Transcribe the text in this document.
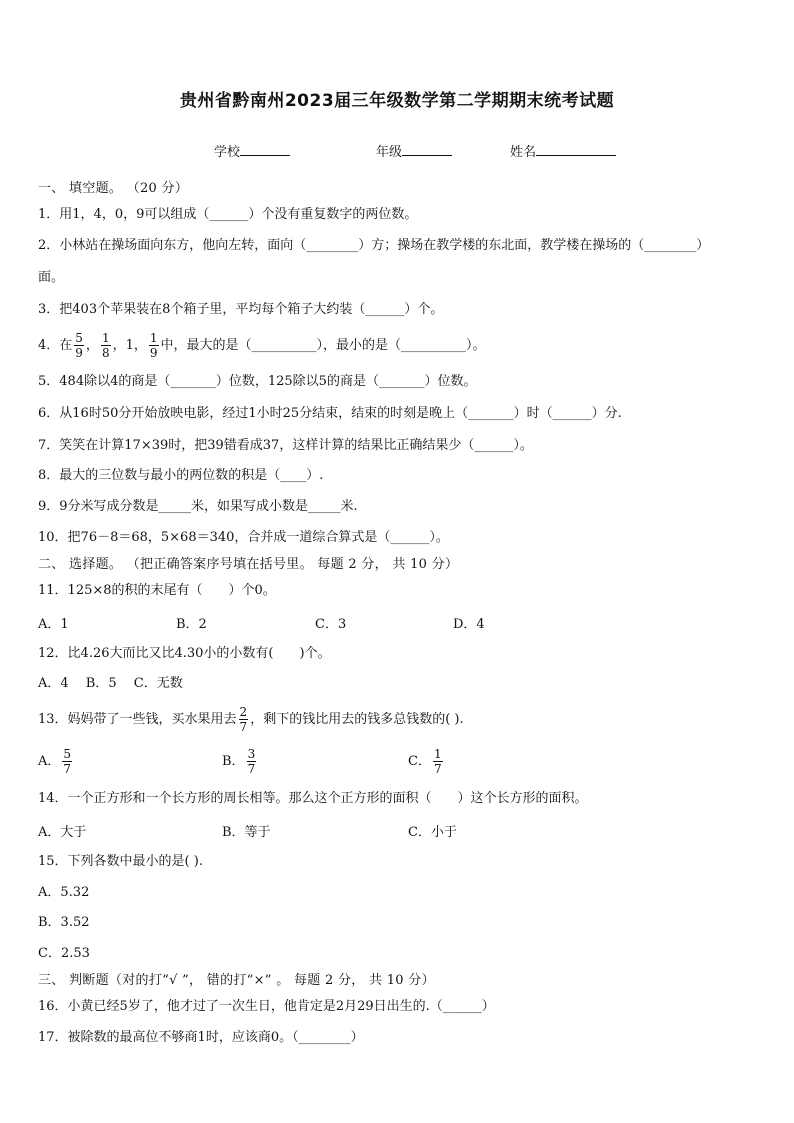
贵州省黔南州2023届三年级数学第二学期期末统考试题
学校	年级	姓名
一、 填空题。 （20 分）
1．用1，4，0，9可以组成（______）个没有重复数字的两位数。
2．小林站在操场面向东方，他向左转，面向（________）方；操场在教学楼的东北面，教学楼在操场的（________）
面。
3．把403个苹果装在8个箱子里，平均每个箱子大约装（______）个。
4．在 $\frac{5}{9}$ ， $\frac{1}{8}$ ，1， $\frac{1}{9}$ 中，最大的是（__________），最小的是（__________）。
5．484除以4的商是（_______）位数，125除以5的商是（_______）位数。
6．从16时50分开始放映电影，经过1小时25分结束，结束的时刻是晚上（_______）时（______）分.
7．笑笑在计算17×39时，把39错看成37，这样计算的结果比正确结果少（______）。
8．最大的三位数与最小的两位数的积是（____）.
9．9分米写成分数是_____米，如果写成小数是_____米.
10．把76－8＝68，5×68＝340，合并成一道综合算式是（______）。
二、 选择题。 （把正确答案序号填在括号里。 每题 2 分， 共 10 分）
11．125×8的积的末尾有（　　）个0。
A．1	B．2	C．3	D．4
12．比4.26大而比又比4.30小的小数有(　　)个。
A．4　 B．5　 C．无数
13．妈妈带了一些钱，买水果用去 $\frac{2}{7}$ ，剩下的钱比用去的钱多总钱数的( ).
A． $\frac{5}{7}$	B． $\frac{3}{7}$	C． $\frac{1}{7}$
14．一个正方形和一个长方形的周长相等。那么这个正方形的面积（　　）这个长方形的面积。
A．大于	B．等于	C．小于
15．下列各数中最小的是( ).
A．5.32
B．3.52
C．2.53
三、 判断题（对的打“√ ”， 错的打“×” 。 每题 2 分， 共 10 分）
16．小黄已经5岁了，他才过了一次生日，他肯定是2月29日出生的.（______）
17．被除数的最高位不够商1时，应该商0。（________）
